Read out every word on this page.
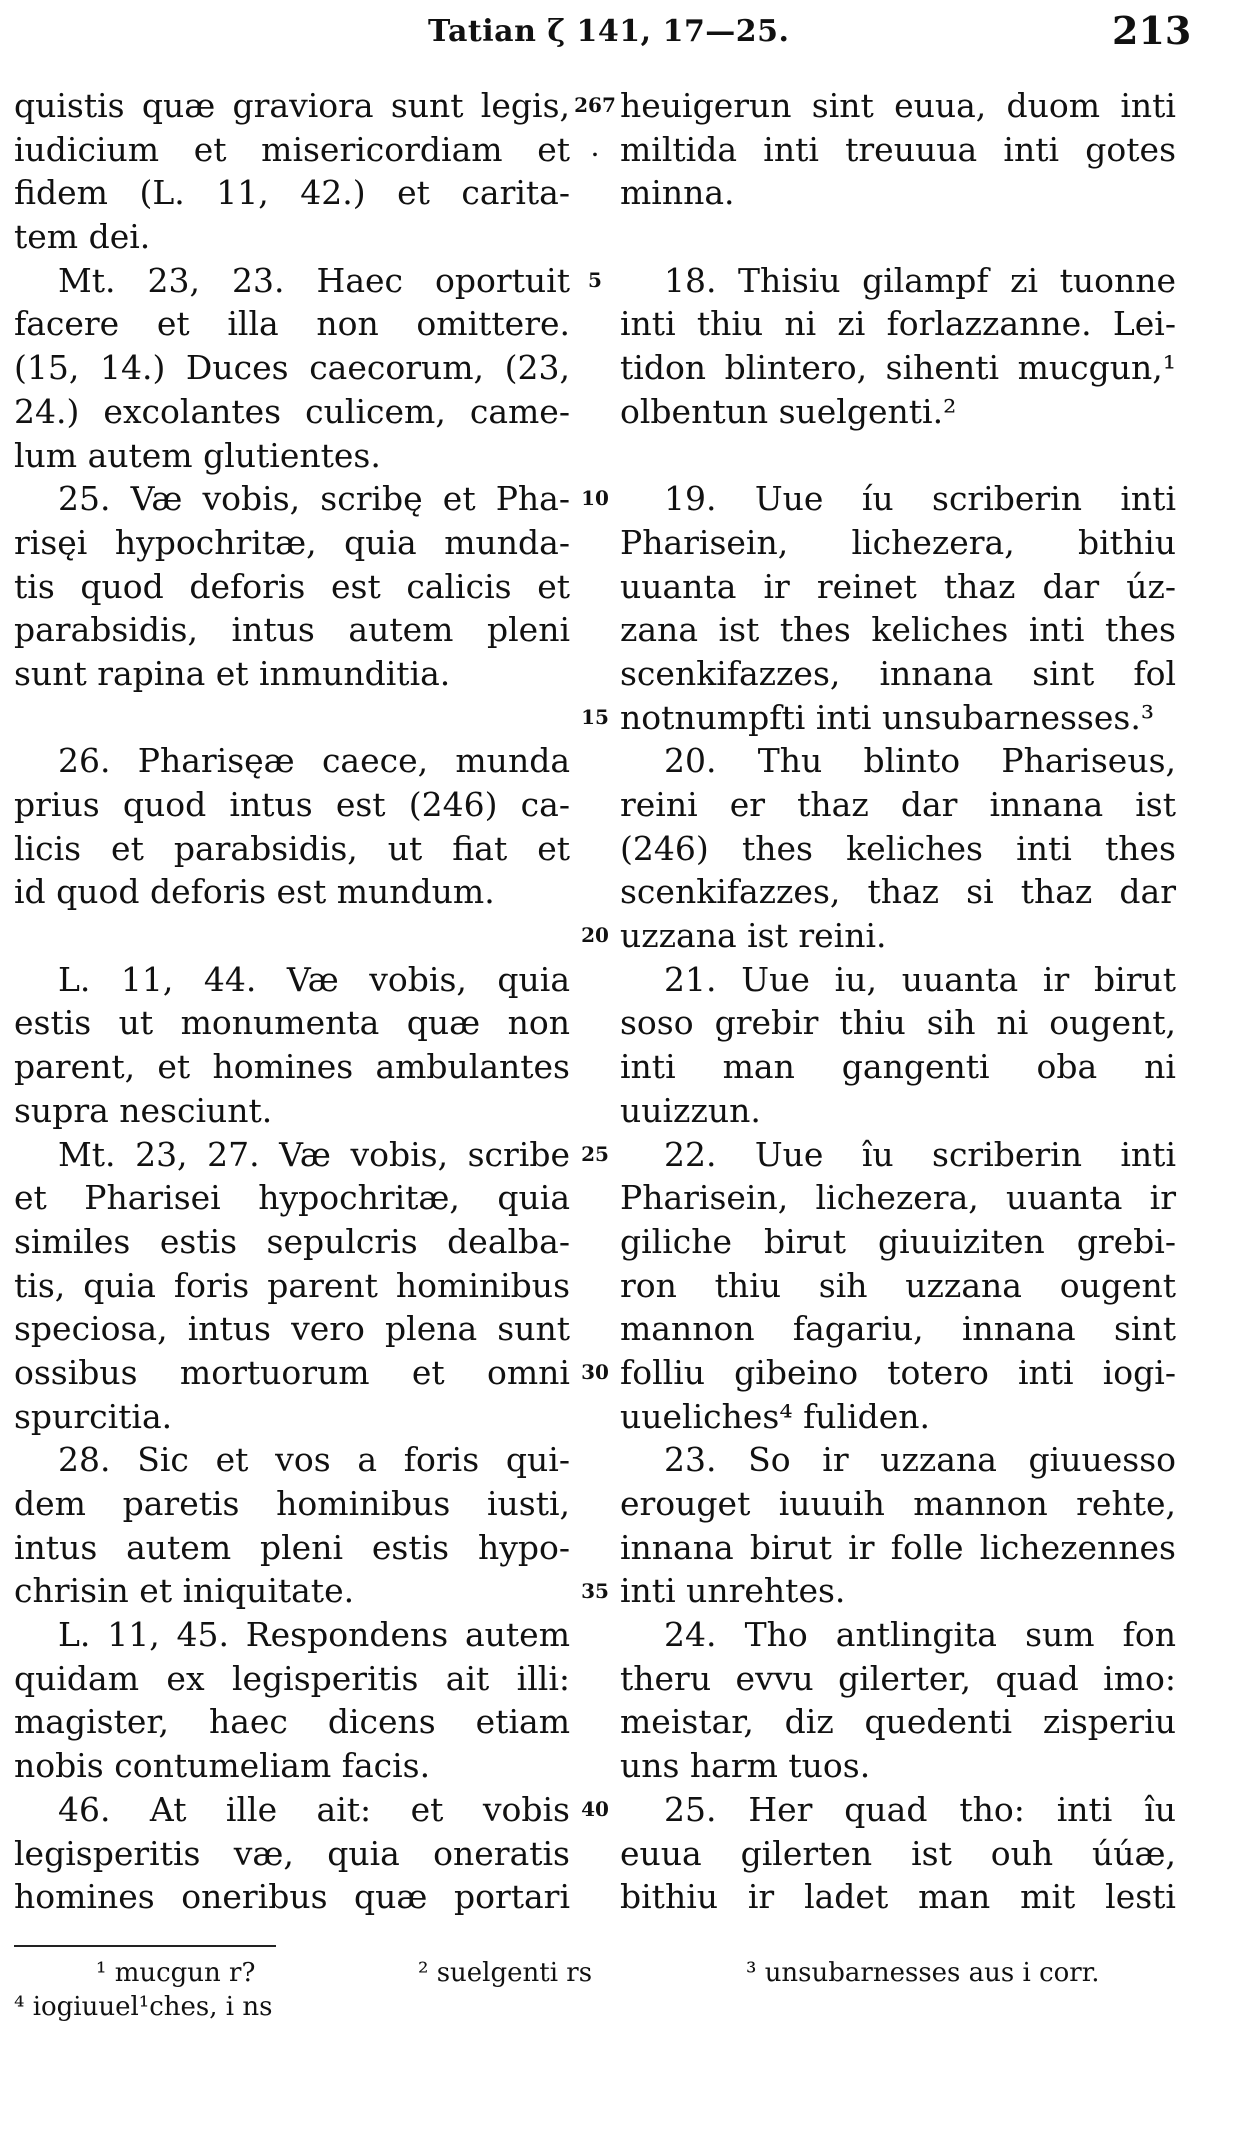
Tatian ζ 141, 17—25.	213
quistis quæ graviora sunt legis,
iudicium et misericordiam et
fidem (L. 11, 42.) et carita-
tem dei.
Mt. 23, 23. Haec oportuit
facere et illa non omittere.
(15, 14.) Duces caecorum, (23,
24.) excolantes culicem, came-
lum autem glutientes.
25. Væ vobis, scribę et Pha-
risęi hypochritæ, quia munda-
tis quod deforis est calicis et
parabsidis, intus autem pleni
sunt rapina et inmunditia.
26. Pharisęæ caece, munda
prius quod intus est (246) ca-
licis et parabsidis, ut fiat et
id quod deforis est mundum.
L. 11, 44. Væ vobis, quia
estis ut monumenta quæ non
parent, et homines ambulantes
supra nesciunt.
Mt. 23, 27. Væ vobis, scribe
et Pharisei hypochritæ, quia
similes estis sepulcris dealba-
tis, quia foris parent hominibus
speciosa, intus vero plena sunt
ossibus mortuorum et omni
spurcitia.
28. Sic et vos a foris qui-
dem paretis hominibus iusti,
intus autem pleni estis hypo-
chrisin et iniquitate.
L. 11, 45. Respondens autem
quidam ex legisperitis ait illi:
magister, haec dicens etiam
nobis contumeliam facis.
46. At ille ait: et vobis
legisperitis væ, quia oneratis
homines oneribus quæ portari
267
.
5
10
15
20
25
30
35
40
heuigerun sint euua, duom inti
miltida inti treuuua inti gotes
minna.
18. Thisiu gilampf zi tuonne
inti thiu ni zi forlazzanne. Lei-
tidon blintero, sihenti mucgun,¹
olbentun suelgenti.²
19. Uue íu scriberin inti
Pharisein, lichezera, bithiu
uuanta ir reinet thaz dar úz-
zana ist thes keliches inti thes
scenkifazzes, innana sint fol
notnumpfti inti unsubarnesses.³
20. Thu blinto Phariseus,
reini er thaz dar innana ist
(246) thes keliches inti thes
scenkifazzes, thaz si thaz dar
uzzana ist reini.
21. Uue iu, uuanta ir birut
soso grebir thiu sih ni ougent,
inti man gangenti oba ni
uuizzun.
22. Uue îu scriberin inti
Pharisein, lichezera, uuanta ir
giliche birut giuuiziten grebi-
ron thiu sih uzzana ougent
mannon fagariu, innana sint
folliu gibeino totero inti iogi-
uueliches⁴ fuliden.
23. So ir uzzana giuuesso
erouget iuuuih mannon rehte,
innana birut ir folle lichezennes
inti unrehtes.
24. Tho antlingita sum fon
theru evvu gilerter, quad imo:
meistar, diz quedenti zisperiu
uns harm tuos.
25. Her quad tho: inti îu
euua gilerten ist ouh úúæ,
bithiu ir ladet man mit lesti
¹ mucgun r?	² suelgenti rs	³ unsubarnesses aus i corr.
⁴ iogiuuel¹ches, i ns
